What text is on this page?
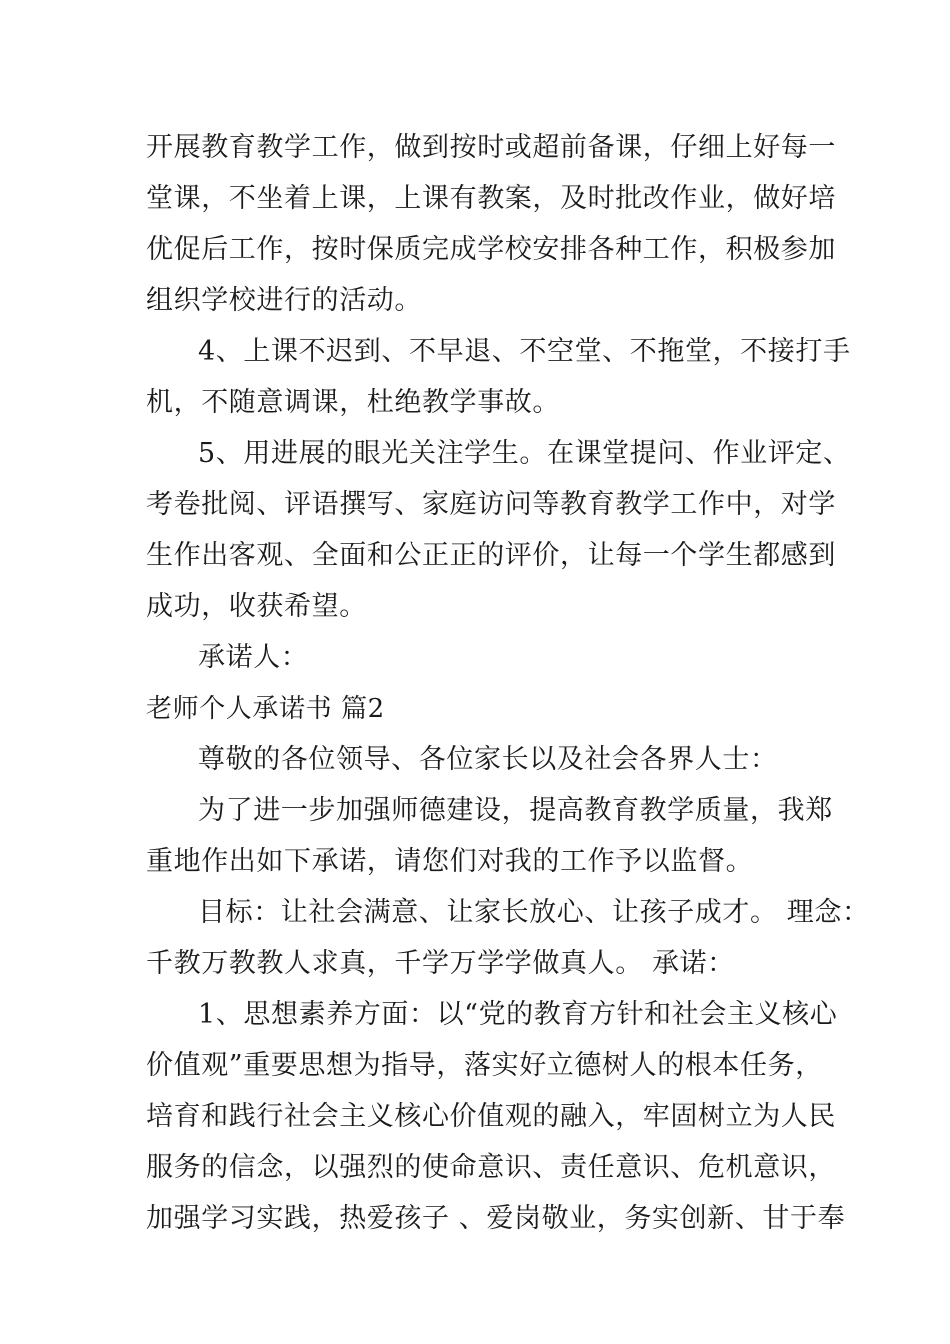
开展教育教学工作，做到按时或超前备课，仔细上好每一
堂课，不坐着上课，上课有教案，及时批改作业，做好培
优促后工作，按时保质完成学校安排各种工作，积极参加
组织学校进行的活动。
4、上课不迟到、不早退、不空堂、不拖堂，不接打手
机，不随意调课，杜绝教学事故。
5、用进展的眼光关注学生。在课堂提问、作业评定、
考卷批阅、评语撰写、家庭访问等教育教学工作中，对学
生作出客观、全面和公正正的评价，让每一个学生都感到
成功，收获希望。
承诺人：
老师个人承诺书 篇2
尊敬的各位领导、各位家长以及社会各界人士：
为了进一步加强师德建设，提高教育教学质量，我郑
重地作出如下承诺，请您们对我的工作予以监督。
目标：让社会满意、让家长放心、让孩子成才。 理念：
千教万教教人求真，千学万学学做真人。 承诺：
1、思想素养方面：以“党的教育方针和社会主义核心
价值观”重要思想为指导，落实好立德树人的根本任务，
培育和践行社会主义核心价值观的融入，牢固树立为人民
服务的信念，以强烈的使命意识、责任意识、危机意识，
加强学习实践，热爱孩子 、爱岗敬业，务实创新、甘于奉
